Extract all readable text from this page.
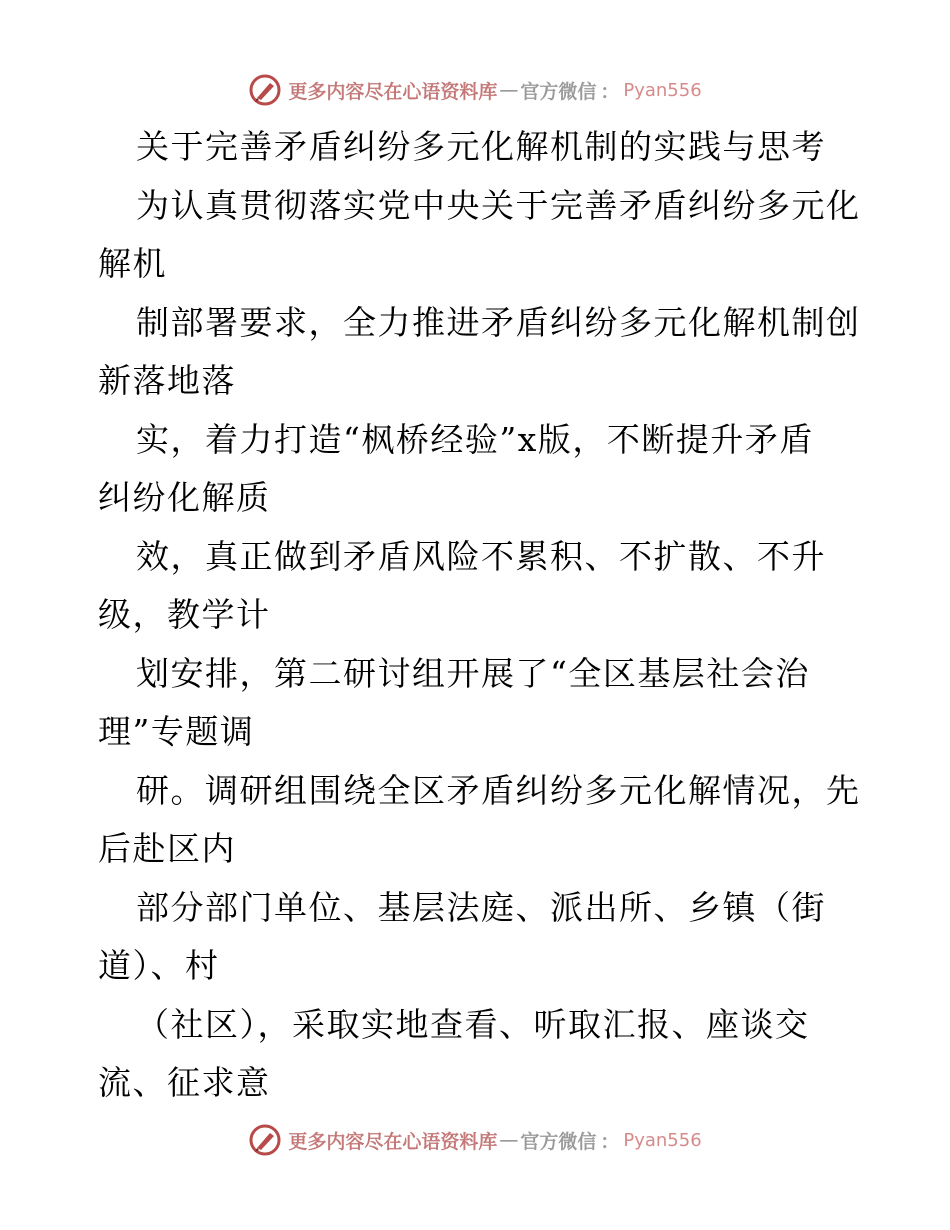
更多内容尽在心语资料库 — 官方微信 ： Pyan556
关于完善矛盾纠纷多元化解机制的实践与思考
为认真贯彻落实党中央关于完善矛盾纠纷多元化
解机
制部署要求，全力推进矛盾纠纷多元化解机制创
新落地落
实，着力打造“枫桥经验”x版，不断提升矛盾
纠纷化解质
效，真正做到矛盾风险不累积、不扩散、不升
级，教学计
划安排，第二研讨组开展了“全区基层社会治
理”专题调
研。调研组围绕全区矛盾纠纷多元化解情况，先
后赴区内
部分部门单位、基层法庭、派出所、乡镇（街
道）、村
（社区），采取实地查看、听取汇报、座谈交
流、征求意
更多内容尽在心语资料库 — 官方微信 ： Pyan556
